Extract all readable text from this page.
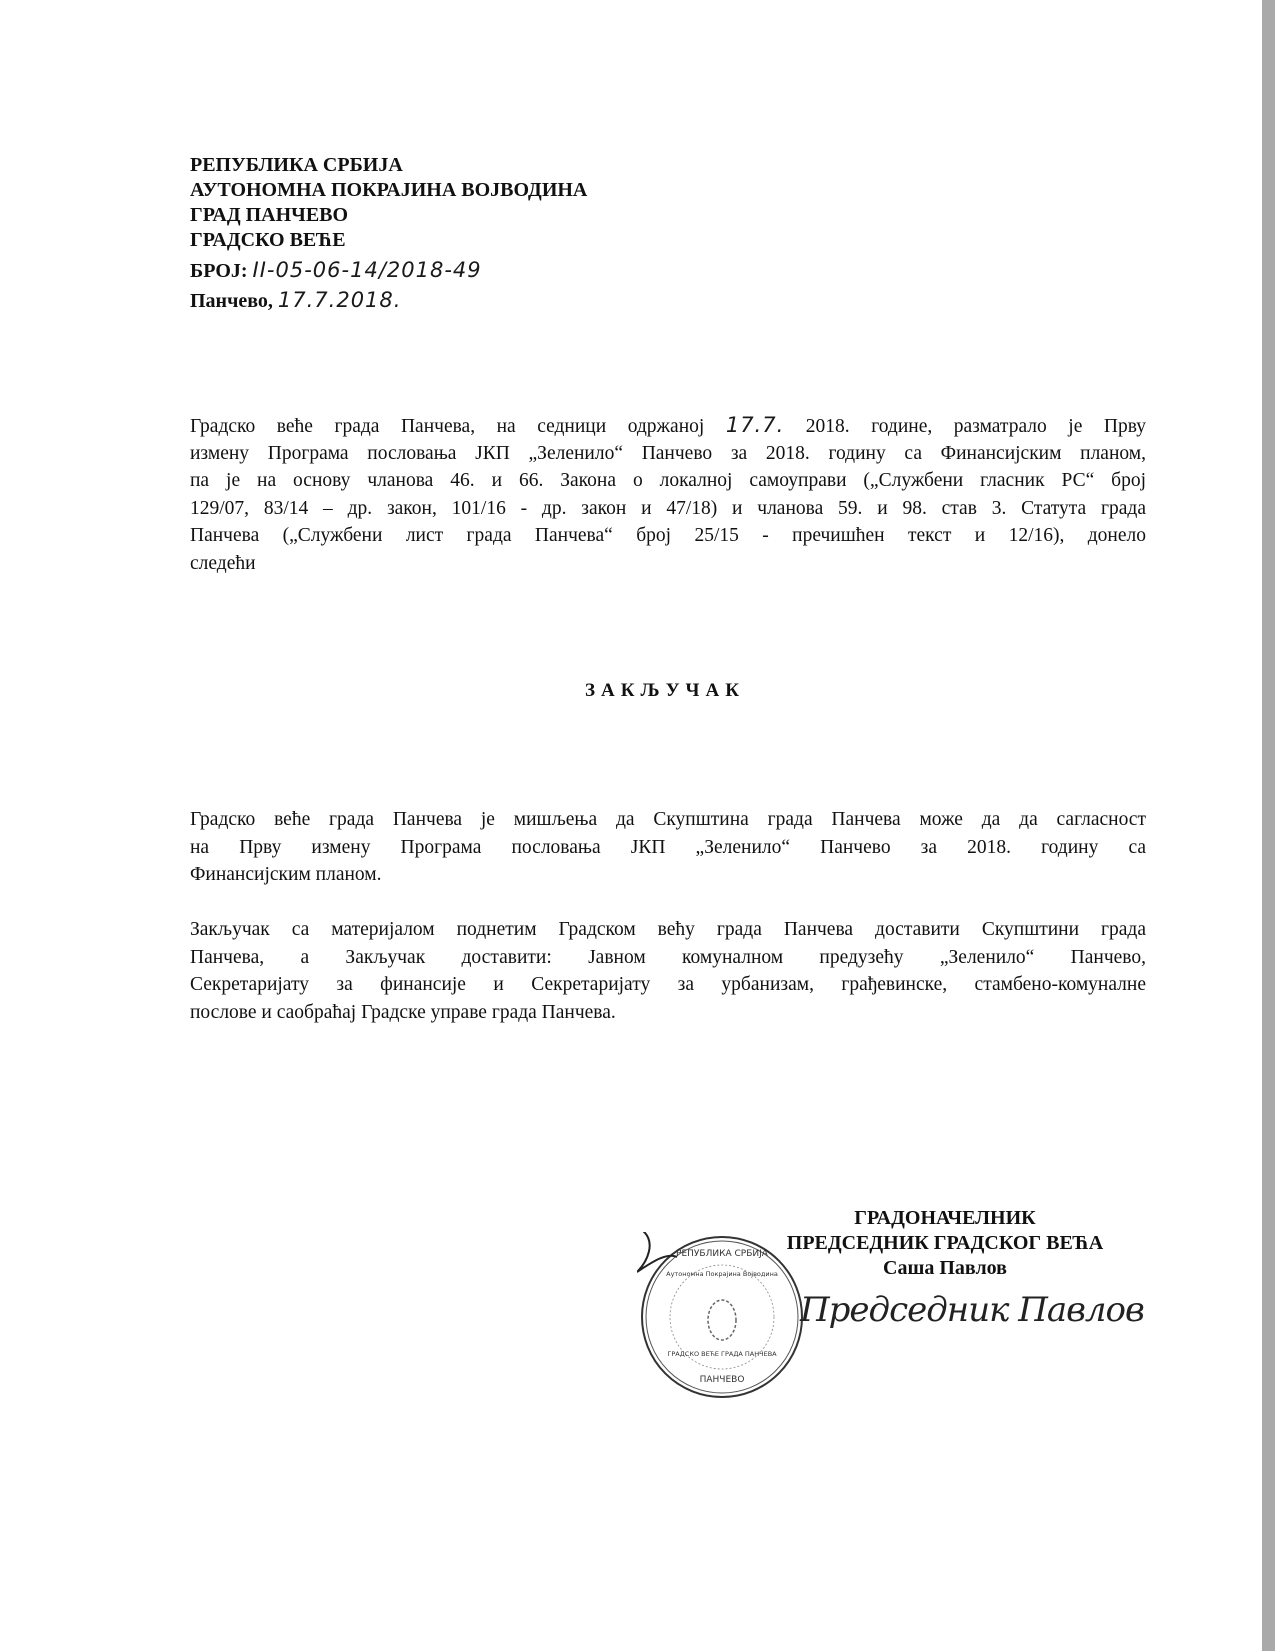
РЕПУБЛИКА СРБИЈА
АУТОНОМНА ПОКРАЈИНА ВОЈВОДИНА
ГРАД ПАНЧЕВО
ГРАДСКО ВЕЋЕ
БРОЈ: II-05-06-14/2018-49
Панчево, 17.7.2018.
Градско веће града Панчева, на седници одржаној 17.7. 2018. године, разматрало је Прву
измену Програма пословања ЈКП „Зеленило“ Панчево за 2018. годину са Финансијским планом,
па је на основу чланова 46. и 66. Закона о локалној самоуправи („Службени гласник РС“ број
129/07, 83/14 – др. закон, 101/16 - др. закон и 47/18) и чланова 59. и 98. став 3. Статута града
Панчева („Службени лист града Панчева“ број 25/15 - пречишћен текст и 12/16), донело
следећи
ЗАКЉУЧАК
Градско веће града Панчева је мишљења да Скупштина града Панчева може да да сагласност
на Прву измену Програма пословања ЈКП „Зеленило“ Панчево за 2018. годину са
Финансијским планом.
Закључак са материјалом поднетим Градском већу града Панчева доставити Скупштини града
Панчева, а Закључак доставити: Јавном комуналном предузећу „Зеленило“ Панчево,
Секретаријату за финансије и Секретаријату за урбанизам, грађевинске, стамбено-комуналне
послове и саобраћај Градске управе града Панчева.
РЕПУБЛИКА СРБИЈА
Аутономна Покрајина Војводина
ГРАДСКО ВЕЋЕ ГРАДА ПАНЧЕВА
ПАНЧЕВО
ГРАДОНАЧЕЛНИК
ПРЕДСЕДНИК ГРАДСКОГ ВЕЋА
Саша Павлов
Председник Павлов
